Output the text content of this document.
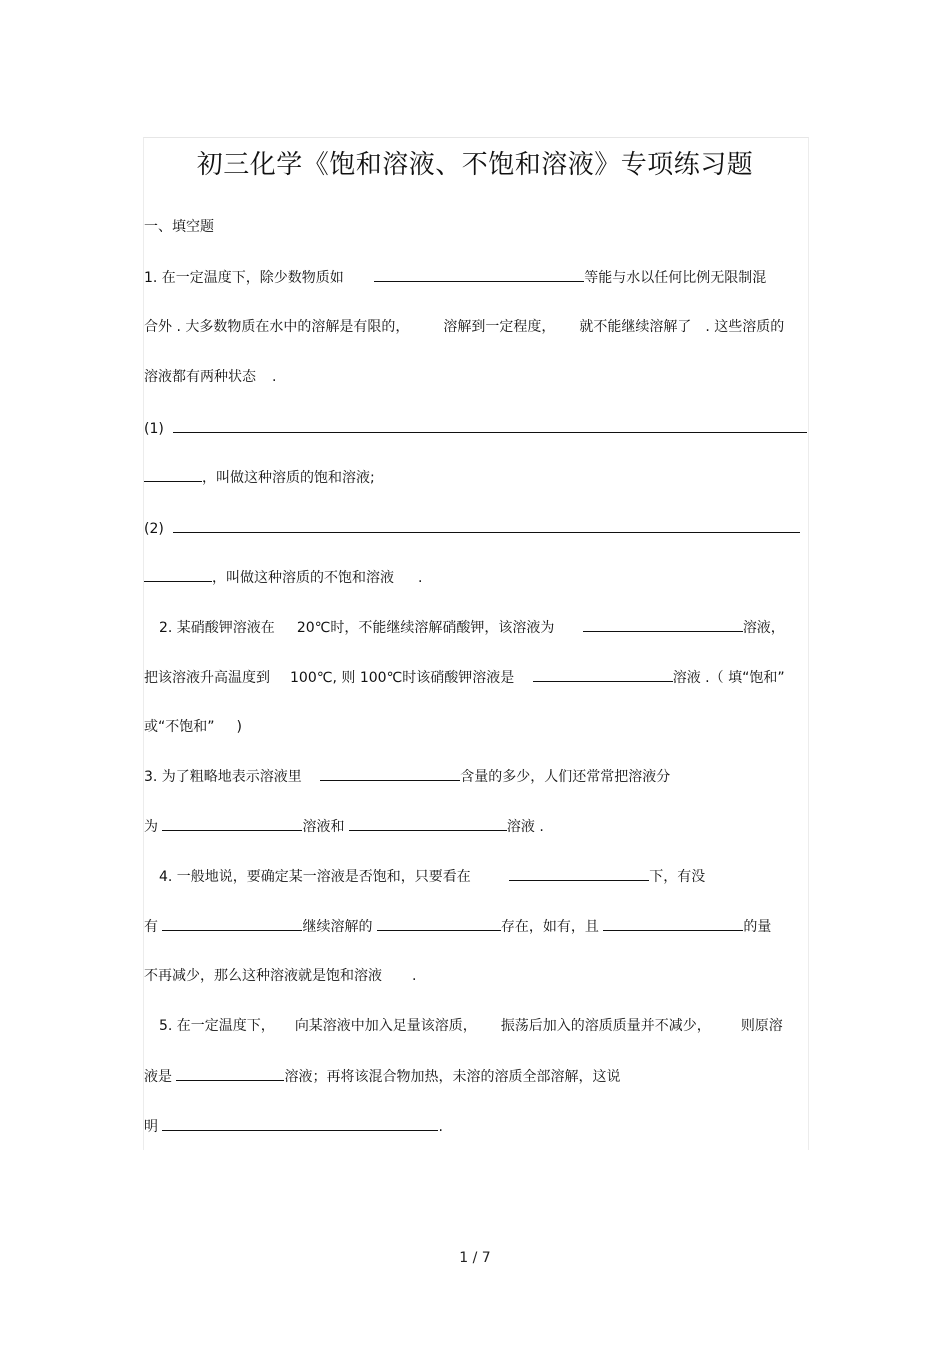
初三化学《饱和溶液、不饱和溶液》专项练习题
一、填空题
1. 在一定温度下，除少数物质如	等能与水以任何比例无限制混
合外 . 大多数物质在水中的溶解是有限的， 溶解到一定程度， 就不能继续溶解了 . 这些溶质的
溶液都有两种状态 .
(1)
，叫做这种溶质的饱和溶液;
(2)
，叫做这种溶质的不饱和溶液 .
2. 某硝酸钾溶液在 20℃时，不能继续溶解硝酸钾，该溶液为	溶液，
把该溶液升高温度到 100℃, 则 100℃时该硝酸钾溶液是	溶液 .（ 填“饱和”
或“不饱和” )
3. 为了粗略地表示溶液里	含量的多少，人们还常常把溶液分
为	溶液和	溶液 .
4. 一般地说，要确定某一溶液是否饱和，只要看在	下，有没
有	继续溶解的	存在，如有，且	的量
不再减少，那么这种溶液就是饱和溶液 .
5. 在一定温度下， 向某溶液中加入足量该溶质， 振荡后加入的溶质质量并不减少， 则原溶
液是	溶液；再将该混合物加热，未溶的溶质全部溶解，这说
明	.
1 / 7
